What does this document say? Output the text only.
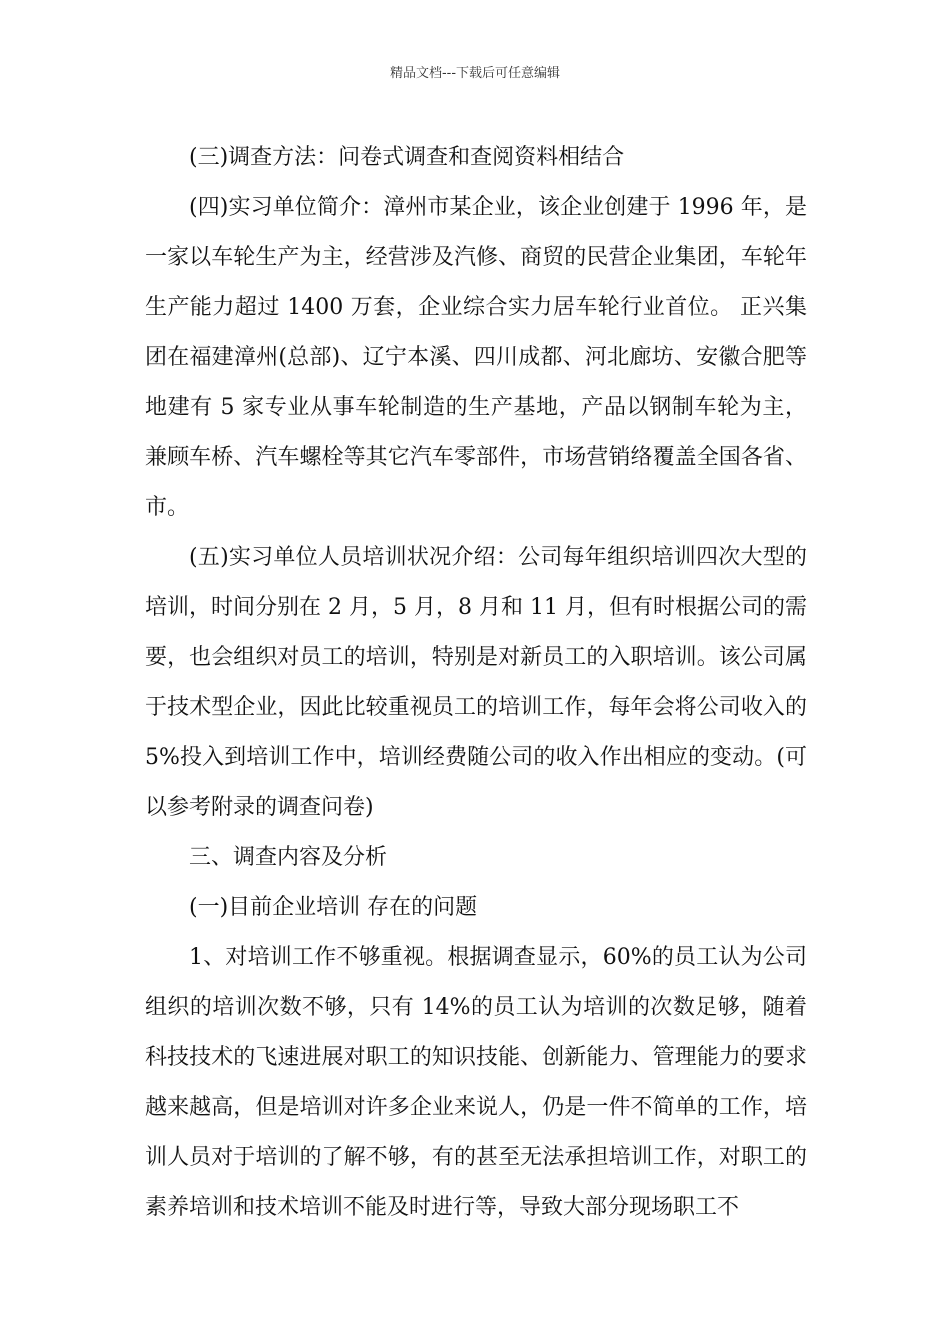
精品文档---下载后可任意编辑

(三)调查方法：问卷式调查和查阅资料相结合

(四)实习单位简介：漳州市某企业，该企业创建于 1996 年，是一家以车轮生产为主，经营涉及汽修、商贸的民营企业集团，车轮年生产能力超过 1400 万套，企业综合实力居车轮行业首位。 正兴集团在福建漳州(总部)、辽宁本溪、四川成都、河北廊坊、安徽合肥等地建有 5 家专业从事车轮制造的生产基地，产品以钢制车轮为主，兼顾车桥、汽车螺栓等其它汽车零部件，市场营销络覆盖全国各省、市。

(五)实习单位人员培训状况介绍：公司每年组织培训四次大型的培训，时间分别在 2 月，5 月，8 月和 11 月，但有时根据公司的需要，也会组织对员工的培训，特别是对新员工的入职培训。该公司属于技术型企业，因此比较重视员工的培训工作，每年会将公司收入的 5%投入到培训工作中，培训经费随公司的收入作出相应的变动。(可以参考附录的调查问卷)

三、调查内容及分析

(一)目前企业培训 存在的问题

1、对培训工作不够重视。根据调查显示，60%的员工认为公司组织的培训次数不够，只有 14%的员工认为培训的次数足够，随着科技技术的飞速进展对职工的知识技能、创新能力、管理能力的要求越来越高，但是培训对许多企业来说人，仍是一件不简单的工作，培训人员对于培训的了解不够，有的甚至无法承担培训工作，对职工的素养培训和技术培训不能及时进行等，导致大部分现场职工不
